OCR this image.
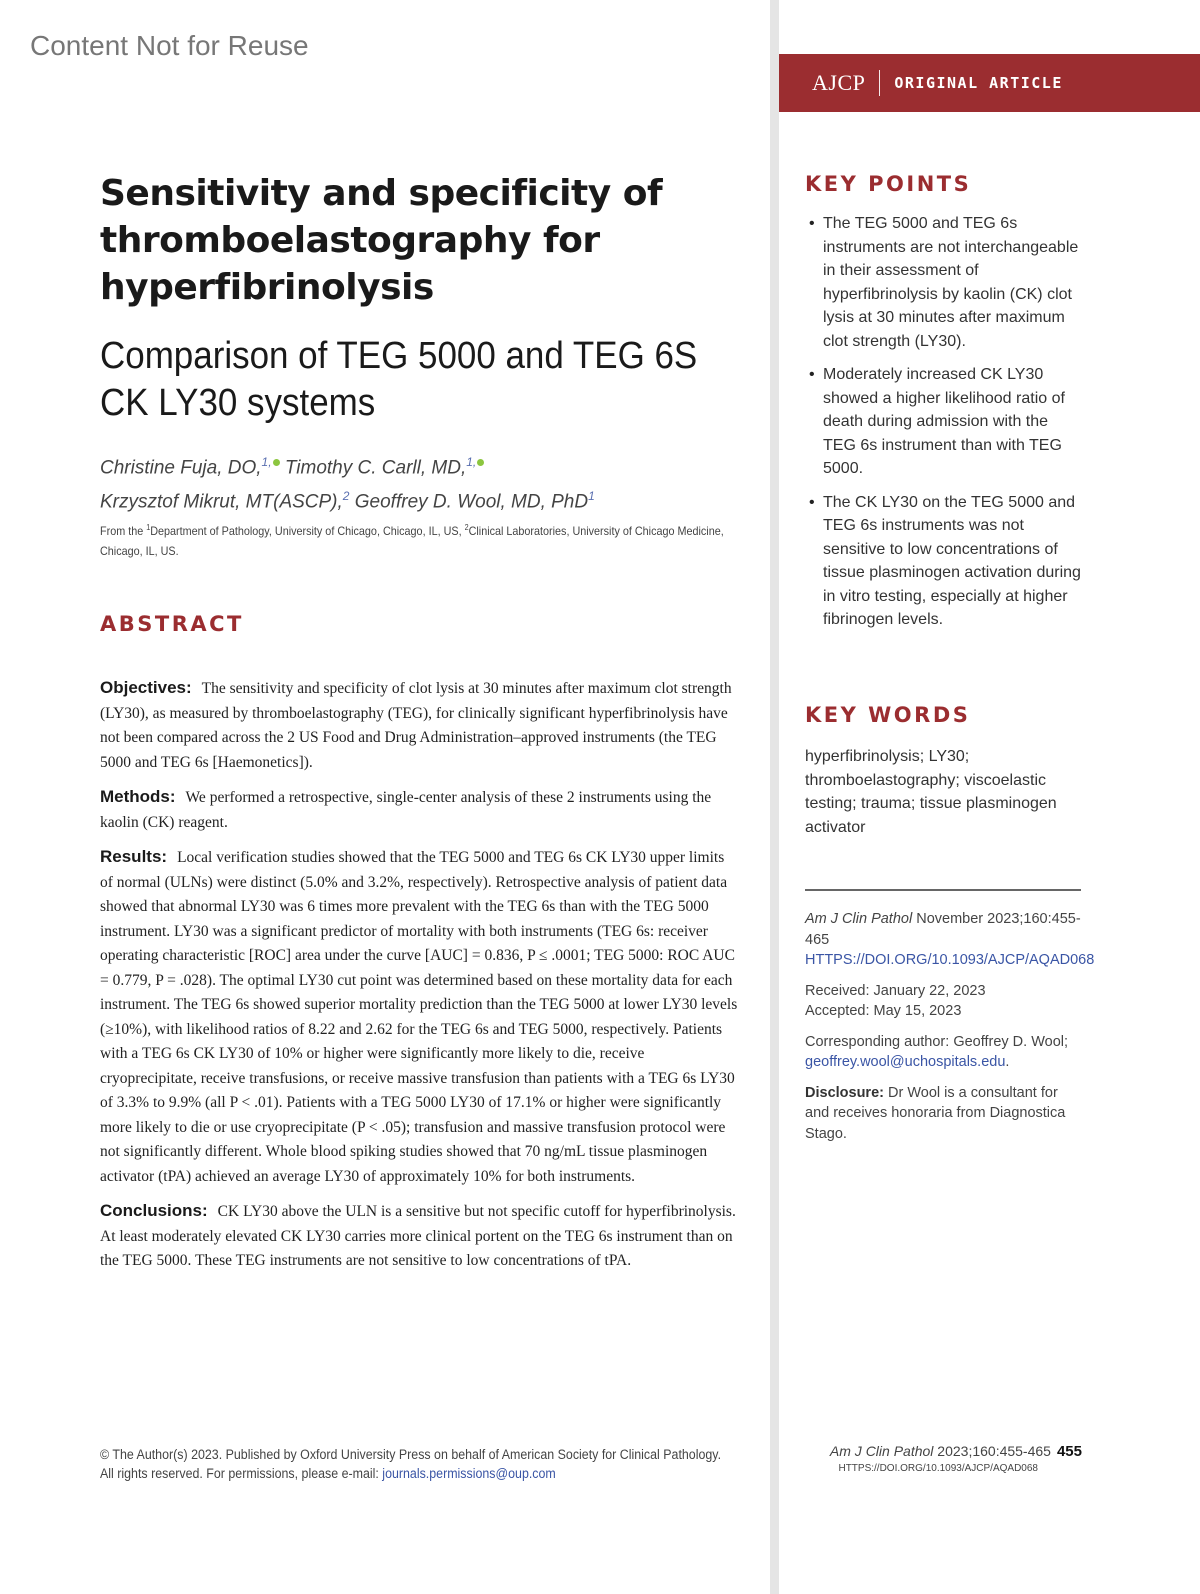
Content Not for Reuse
AJCP ORIGINAL ARTICLE
Sensitivity and specificity of thromboelastography for hyperfibrinolysis
Comparison of TEG 5000 and TEG 6S CK LY30 systems
Christine Fuja, DO,$^{1,}$ Timothy C. Carll, MD,$^{1,}$
Krzysztof Mikrut, MT(ASCP),$^2$ Geoffrey D. Wool, MD, PhD$^1$
From the $^1$Department of Pathology, University of Chicago, Chicago, IL, US, $^2$Clinical Laboratories, University of Chicago Medicine, Chicago, IL, US.
ABSTRACT

Objectives: The sensitivity and specificity of clot lysis at 30 minutes after maximum clot strength (LY30), as measured by thromboelastography (TEG), for clinically significant hyperfibrinolysis have not been compared across the 2 US Food and Drug Administration–approved instruments (the TEG 5000 and TEG 6s [Haemonetics]).

Methods: We performed a retrospective, single-center analysis of these 2 instruments using the kaolin (CK) reagent.

Results: Local verification studies showed that the TEG 5000 and TEG 6s CK LY30 upper limits of normal (ULNs) were distinct (5.0% and 3.2%, respectively). Retrospective analysis of patient data showed that abnormal LY30 was 6 times more prevalent with the TEG 6s than with the TEG 5000 instrument. LY30 was a significant predictor of mortality with both instruments (TEG 6s: receiver operating characteristic [ROC] area under the curve [AUC] = 0.836, P ≤ .0001; TEG 5000: ROC AUC = 0.779, P = .028). The optimal LY30 cut point was determined based on these mortality data for each instrument. The TEG 6s showed superior mortality prediction than the TEG 5000 at lower LY30 levels (≥10%), with likelihood ratios of 8.22 and 2.62 for the TEG 6s and TEG 5000, respectively. Patients with a TEG 6s CK LY30 of 10% or higher were significantly more likely to die, receive cryoprecipitate, receive transfusions, or receive massive transfusion than patients with a TEG 6s LY30 of 3.3% to 9.9% (all P < .01). Patients with a TEG 5000 LY30 of 17.1% or higher were significantly more likely to die or use cryoprecipitate (P < .05); transfusion and massive transfusion protocol were not significantly different. Whole blood spiking studies showed that 70 ng/mL tissue plasminogen activator (tPA) achieved an average LY30 of approximately 10% for both instruments.

Conclusions: CK LY30 above the ULN is a sensitive but not specific cutoff for hyperfibrinolysis. At least moderately elevated CK LY30 carries more clinical portent on the TEG 6s instrument than on the TEG 5000. These TEG instruments are not sensitive to low concentrations of tPA.

KEY POINTS
• The TEG 5000 and TEG 6s instruments are not interchangeable in their assessment of hyperfibrinolysis by kaolin (CK) clot lysis at 30 minutes after maximum clot strength (LY30).
• Moderately increased CK LY30 showed a higher likelihood ratio of death during admission with the TEG 6s instrument than with TEG 5000.
• The CK LY30 on the TEG 5000 and TEG 6s instruments was not sensitive to low concentrations of tissue plasminogen activation during in vitro testing, especially at higher fibrinogen levels.
KEY WORDS
hyperfibrinolysis; LY30; thromboelastography; viscoelastic testing; trauma; tissue plasminogen activator

Am J Clin Pathol November 2023;160:455-465
HTTPS://DOI.ORG/10.1093/AJCP/AQAD068

Received: January 22, 2023
Accepted: May 15, 2023

Corresponding author: Geoffrey D. Wool;
geoffrey.wool@uchospitals.edu.

Disclosure: Dr Wool is a consultant for and receives honoraria from Diagnostica Stago.

© The Author(s) 2023. Published by Oxford University Press on behalf of American Society for Clinical Pathology.
All rights reserved. For permissions, please e-mail: journals.permissions@oup.com
Am J Clin Pathol 2023;160:455-465 455
HTTPS://DOI.ORG/10.1093/AJCP/AQAD068
